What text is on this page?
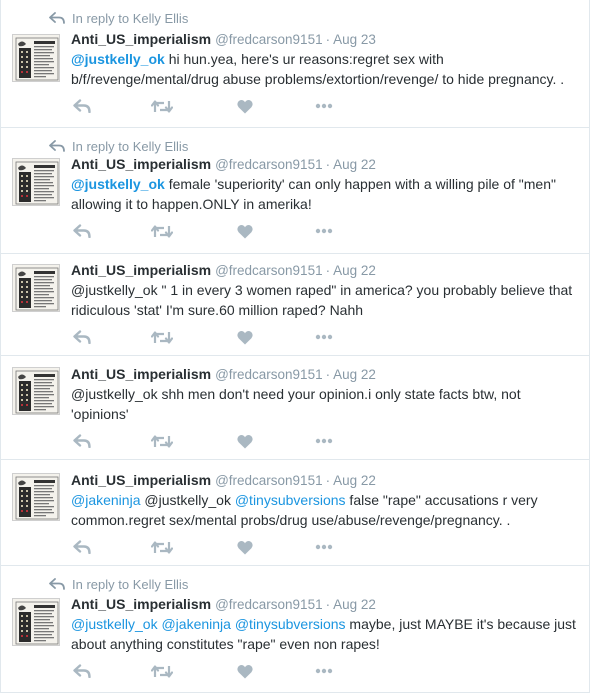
In reply to Kelly Ellis
Anti_US_imperialism @fredcarson9151 · Aug 23
@justkelly_ok hi hun.yea, here's ur reasons:regret sex with b/f/revenge/mental/drug abuse problems/extortion/revenge/ to hide pregnancy. .
In reply to Kelly Ellis
Anti_US_imperialism @fredcarson9151 · Aug 22
@justkelly_ok female 'superiority' can only happen with a willing pile of "men" allowing it to happen.ONLY in amerika!
Anti_US_imperialism @fredcarson9151 · Aug 22
@justkelly_ok " 1 in every 3 women raped" in america? you probably believe that ridiculous 'stat' I'm sure.60 million raped? Nahh
Anti_US_imperialism @fredcarson9151 · Aug 22
@justkelly_ok shh men don't need your opinion.i only state facts btw, not 'opinions'
Anti_US_imperialism @fredcarson9151 · Aug 22
@jakeninja @justkelly_ok @tinysubversions false "rape" accusations r very common.regret sex/mental probs/drug use/abuse/revenge/pregnancy. .
In reply to Kelly Ellis
Anti_US_imperialism @fredcarson9151 · Aug 22
@justkelly_ok @jakeninja @tinysubversions maybe, just MAYBE it's because just about anything constitutes "rape" even non rapes!
